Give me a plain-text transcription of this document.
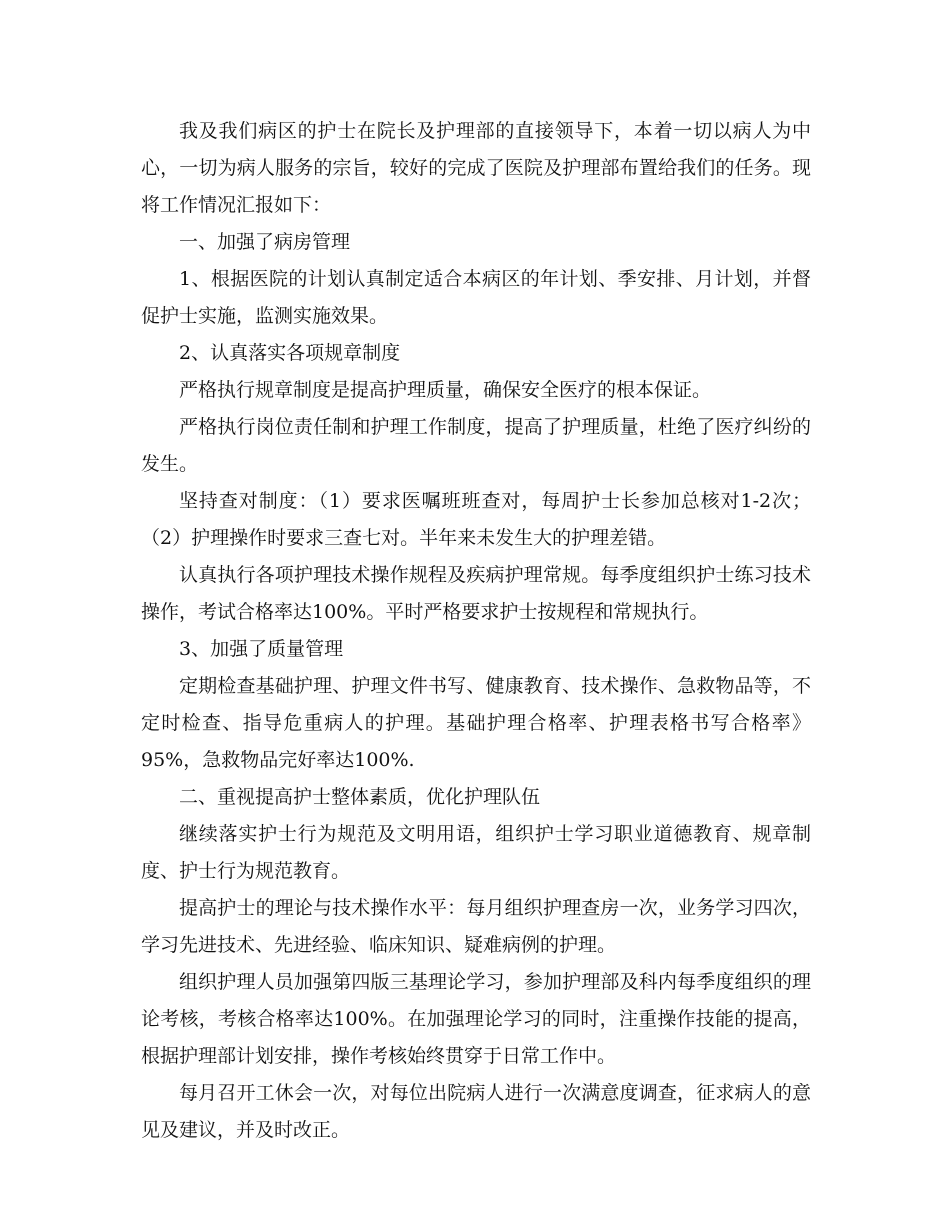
我及我们病区的护士在院长及护理部的直接领导下，本着一切以病人为中心，一切为病人服务的宗旨，较好的完成了医院及护理部布置给我们的任务。现将工作情况汇报如下：

一、加强了病房管理

1、根据医院的计划认真制定适合本病区的年计划、季安排、月计划，并督促护士实施，监测实施效果。

2、认真落实各项规章制度

严格执行规章制度是提高护理质量，确保安全医疗的根本保证。

严格执行岗位责任制和护理工作制度，提高了护理质量，杜绝了医疗纠纷的发生。

坚持查对制度：（1）要求医嘱班班查对，每周护士长参加总核对1-2次；（2）护理操作时要求三查七对。半年来未发生大的护理差错。

认真执行各项护理技术操作规程及疾病护理常规。每季度组织护士练习技术操作，考试合格率达100%。平时严格要求护士按规程和常规执行。

3、加强了质量管理

定期检查基础护理、护理文件书写、健康教育、技术操作、急救物品等，不定时检查、指导危重病人的护理。基础护理合格率、护理表格书写合格率》95%，急救物品完好率达100%.

二、重视提高护士整体素质，优化护理队伍

继续落实护士行为规范及文明用语，组织护士学习职业道德教育、规章制度、护士行为规范教育。

提高护士的理论与技术操作水平：每月组织护理查房一次，业务学习四次，学习先进技术、先进经验、临床知识、疑难病例的护理。

组织护理人员加强第四版三基理论学习，参加护理部及科内每季度组织的理论考核，考核合格率达100%。在加强理论学习的同时，注重操作技能的提高，根据护理部计划安排，操作考核始终贯穿于日常工作中。

每月召开工休会一次，对每位出院病人进行一次满意度调查，征求病人的意见及建议，并及时改正。
